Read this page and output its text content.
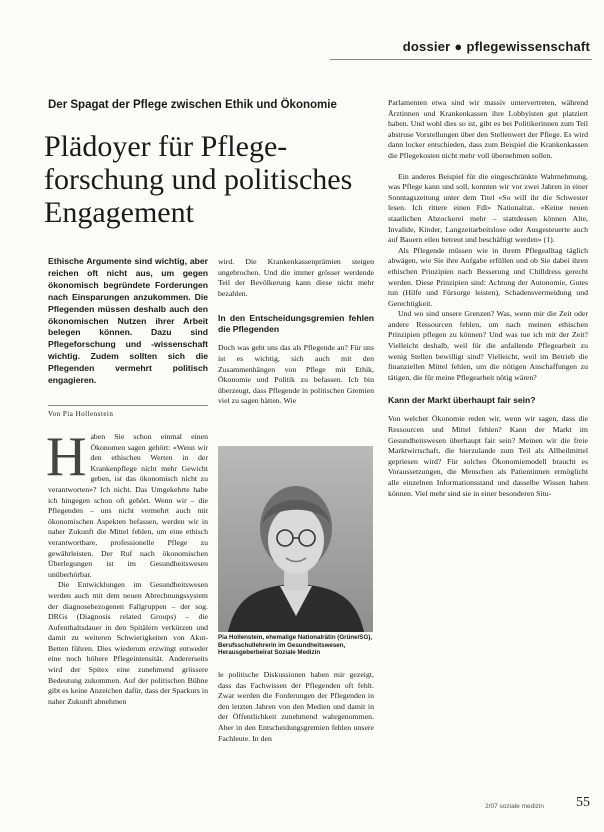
dossier ● pflegewissenschaft
Der Spagat der Pflege zwischen Ethik und Ökonomie
Plädoyer für Pflege-
forschung und politisches
Engagement
Ethische Argumente sind wichtig, aber reichen oft nicht aus, um gegen ökonomisch begründete Forderungen nach Einsparungen anzukommen. Die Pflegenden müssen deshalb auch den ökonomischen Nutzen ihrer Arbeit belegen können. Dazu sind Pflegeforschung und -wissenschaft wichtig. Zudem sollten sich die Pflegenden vermehrt politisch engagieren.
Von Pia Hollenstein
H aben Sie schon einmal einen Ökonomen sagen gehört: «Wenn wir den ethischen Werten in der Krankenpflege nicht mehr Gewicht geben, ist das ökonomisch nicht zu verantworten»? Ich nicht. Das Umgekehrte habe ich hingegen schon oft gehört. Wenn wir – die Pflegenden – uns nicht vermehrt auch mit ökonomischen Aspekten befassen, werden wir in naher Zukunft die Mittel fehlen, um eine ethisch verantwortbare, professionelle Pflege zu gewährleisten. Der Ruf nach ökonomischen Überlegungen ist im Gesundheitswesen unüberhörbar.

Die Entwicklungen im Gesundheitswesen werden auch mit dem neuen Abrechnungssystem der diagnosebezogenen Fallgruppen – der sog. DRGs (Diagnosis related Groups) – die Aufenthaltsdauer in den Spitälern verkürzen und damit zu weiteren Schwierigkeiten von Akut-Betten führen. Dies wiederum erzwingt entweder eine noch höhere Pflegeintensität. Andererseits wird der Spitex eine zunehmend grössere Bedeutung zukommen. Auf der politischen Bühne gibt es keine Anzeichen dafür, dass der Sparkurs in naher Zukunft abnehmen

wird. Die Krankenkassenprämien steigen ungebrochen. Und die immer grösser werdende Teil der Bevölkerung kann diese nicht mehr bezahlen.

In den Entscheidungsgremien fehlen die Pflegenden

Doch was geht uns das als Pflegende an? Für uns ist es wichtig, sich auch mit den Zusammenhängen von Pflege mit Ethik, Ökonomie und Politik zu befassen. Ich bin überzeugt, dass Pflegende in politischen Gremien viel zu sagen hätten. Wie

Pia Hollenstein, ehemalige Nationalrätin (Grüne/SG), Berufsschullehrerin im Gesundheitswesen, Herausgeberbeirat Soziale Medizin

le politische Diskussionen haben mir gezeigt, dass das Fachwissen der Pflegenden oft fehlt. Zwar werden die Forderungen der Pflegenden in den letzten Jahren von den Medien und damit in der Öffentlichkeit zunehmend wahrgenommen. Aber in den Entscheidungsgremien fehlen unsere Fachleute. In den

Parlamenten etwa sind wir massiv untervertreten, während Ärztinnen und Krankenkassen ihre Lobbyisten gut platziert haben. Und wohl dies so ist, gibt es bei Politikerinnen zum Teil abstruse Vorstellungen über den Stellenwert der Pflege. Es wird dann locker entschieden, dass zum Beispiel die Krankenkassen die Pflegekosten nicht mehr voll übernehmen sollen.

Ein anderes Beispiel für die eingeschränkte Wahrnehmung, was Pflege kann und soll, konnten wir vor zwei Jahren in einer Sonntagszeitung unter dem Titel «So will ihr die Schwester lesen. Ich rittere einen Fdl» Nationalrat. «Keine neuen staatlichen Abzockerei mehr – stattdessen können Alte, Invalide, Kinder, Langzeitarbeitslose oder Ausgesteuerte auch auf Bauern eilen betreut und beschäftigt werden» (1).

Als Pflegende müssen wie in ihrem Pflegealltag täglich abwägen, wie Sie ihre Aufgabe erfüllen und ob Sie dabei ihren ethischen Prinzipien nach Besserung und Chilldress gerecht werden. Diese Prinzipien sind: Achtung der Autonomie, Gutes tun (Hilfe und Fürsorge leisten), Schadensvermeidung und Gerechtigkeit.

Und wo sind unsere Grenzen? Was, wenn mir die Zeit oder andere Ressourcen fehlen, um nach meinen ethischen Prinzipien pflegen zu können? Und was tue ich mit der Zeit? Vielleicht deshalb, weil für die anfallende Pflegearbeit zu wenig Stellen bewilligt sind? Vielleicht, weil im Betrieb die finanziellen Mittel fehlen, um die nötigen Anschaffungen zu tätigen, die für meine Pflegearbeit nötig wären?

Kann der Markt überhaupt fair sein?

Von welcher Ökonomie reden wir, wenn wir sagen, dass die Ressourcen und Mittel fehlen? Kann der Markt im Gesundheitswesen überhaupt fair sein? Meinen wir die freie Marktwirtschaft, die hierzulande zum Teil als Allheilmittel gepriesen wird? Für solches Ökonomiemodell braucht es Voraussetzungen, die Menschen als Patientinnen ermöglicht alle einzelnen Informationsstand und dasselbe Wissen haben können. Viel mehr sind sie in einer besonderen Situ-

2/07 soziale medizin 55
